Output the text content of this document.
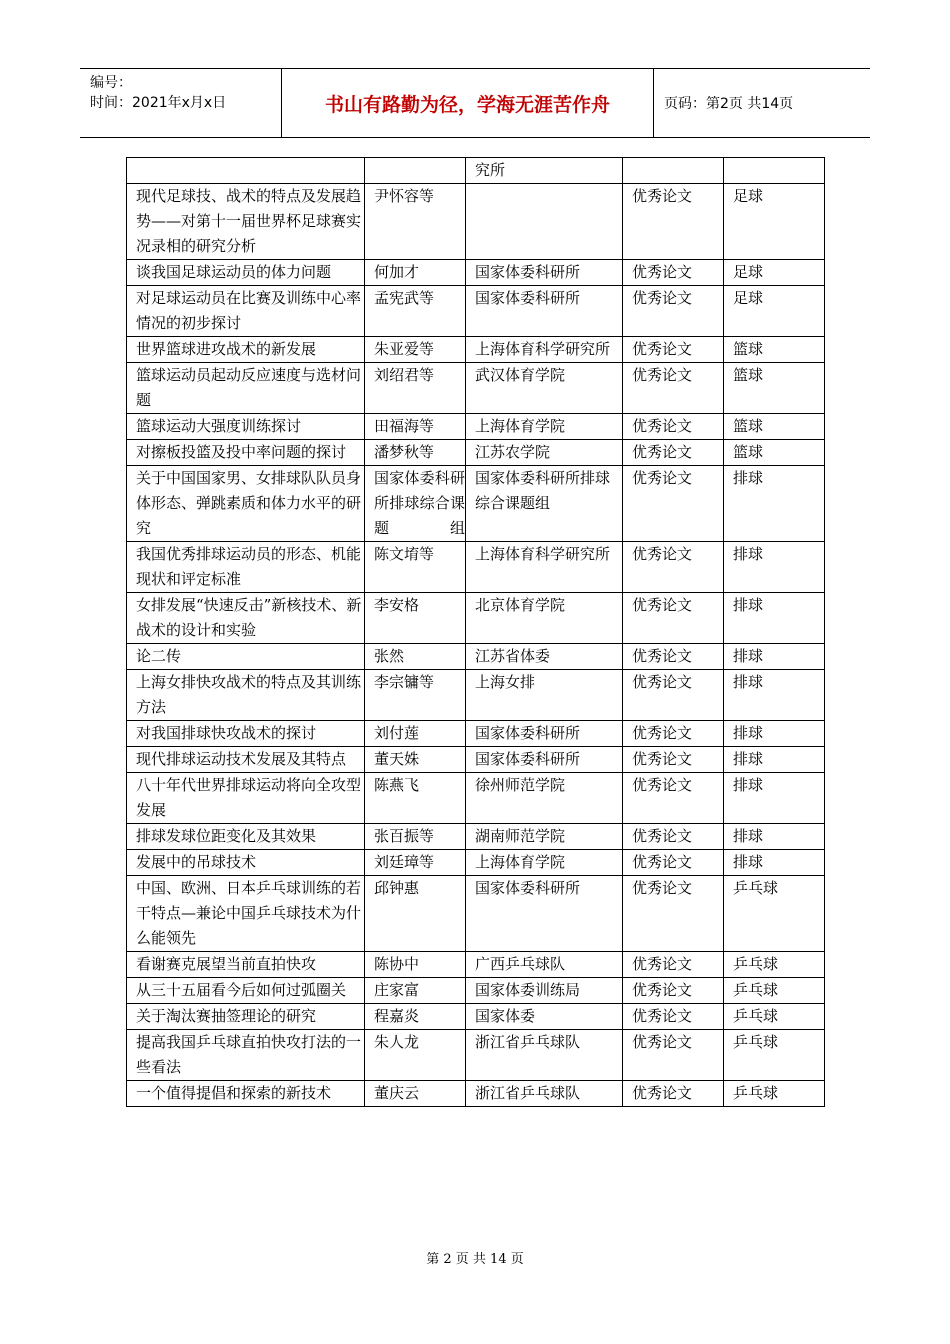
编号：
时间：2021年x月x日	书山有路勤为径，学海无涯苦作舟	页码：第2页 共14页
		究所		
现代足球技、战术的特点及发展趋势——对第十一届世界杯足球赛实况录相的研究分析	尹怀容等		优秀论文	足球
谈我国足球运动员的体力问题	何加才	国家体委科研所	优秀论文	足球
对足球运动员在比赛及训练中心率情况的初步探讨	孟宪武等	国家体委科研所	优秀论文	足球
世界篮球进攻战术的新发展	朱亚爱等	上海体育科学研究所	优秀论文	篮球
篮球运动员起动反应速度与选材问题	刘绍君等	武汉体育学院	优秀论文	篮球
篮球运动大强度训练探讨	田福海等	上海体育学院	优秀论文	篮球
对擦板投篮及投中率问题的探讨	潘梦秋等	江苏农学院	优秀论文	篮球
关于中国国家男、女排球队队员身体形态、弹跳素质和体力水平的研究	国家体委科研所排球综合课题组	国家体委科研所排球综合课题组	优秀论文	排球
我国优秀排球运动员的形态、机能现状和评定标准	陈文堉等	上海体育科学研究所	优秀论文	排球
女排发展“快速反击”新核技术、新战术的设计和实验	李安格	北京体育学院	优秀论文	排球
论二传	张然	江苏省体委	优秀论文	排球
上海女排快攻战术的特点及其训练方法	李宗镛等	上海女排	优秀论文	排球
对我国排球快攻战术的探讨	刘付莲	国家体委科研所	优秀论文	排球
现代排球运动技术发展及其特点	董天姝	国家体委科研所	优秀论文	排球
八十年代世界排球运动将向全攻型发展	陈燕飞	徐州师范学院	优秀论文	排球
排球发球位距变化及其效果	张百振等	湖南师范学院	优秀论文	排球
发展中的吊球技术	刘廷璋等	上海体育学院	优秀论文	排球
中国、欧洲、日本乒乓球训练的若干特点—兼论中国乒乓球技术为什么能领先	邱钟惠	国家体委科研所	优秀论文	乒乓球
看谢赛克展望当前直拍快攻	陈协中	广西乒乓球队	优秀论文	乒乓球
从三十五届看今后如何过弧圈关	庄家富	国家体委训练局	优秀论文	乒乓球
关于淘汰赛抽签理论的研究	程嘉炎	国家体委	优秀论文	乒乓球
提高我国乒乓球直拍快攻打法的一些看法	朱人龙	浙江省乒乓球队	优秀论文	乒乓球
一个值得提倡和探索的新技术	董庆云	浙江省乒乓球队	优秀论文	乒乓球
第 2 页 共 14 页
